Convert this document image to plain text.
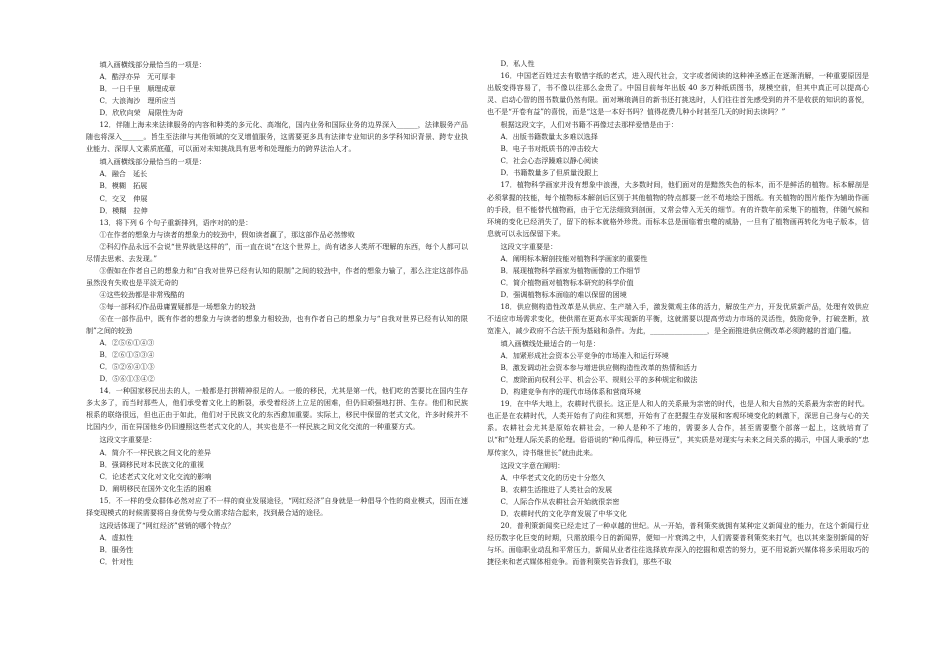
填入画横线部分最恰当的一项是：

A．酷浮亦异　无可厚非

B．一日千里　顺理成章

C．大浪淘沙　理所应当

D．欣欣向荣　局限性为奇

12．伴随上海未来法律服务的内容和种类的多元化、高端化，国内业务和国际业务的边界深入______，法律服务产品随也将深入______。旨生至法律与其他领域的交叉增值服务，这需要更多具有法律专业知识的多学科知识背景、跨专业执业能力、深厚人文素质底蕴，可以面对未知挑战具有思考和处理能力的跨界法治人才。

填入画横线部分最恰当的一项是：

A．融合　延长

B．模糊　拓展

C．交叉　伸展

D．模糊　拉伸

13．将下列 6 个句子重新排列，语序对的的是：

①在作者的想象力与读者的想象力的较劲中，假如读者赢了，那这部作品必然惨败

②科幻作品永远不会说“世界就是这样的”，而一直在说“在这个世界上，尚有诸多人类所不理解的东西，每个人都可以尽情去思索、去发现。”

③假如在作者自己的想象力和“自我对世界已经有认知的限制”之间的较劲中，作者的想象力输了，那么注定这部作品虽然没有失败也是平淡无奇的

④这些较劲都是非常残酷的

⑤每一部科幻作品毋庸置疑都是一场想象力的较劲

⑥在一部作品中，既有作者的想象力与读者的想象力相较劲，也有作者自己的想象力与“自我对世界已经有认知的限制”之间的较劲

A．②⑤⑥①④③

B．②⑥①⑤③④

C．⑤②⑥④①③

D．⑤⑥①③④②

14．一种国家移民出去的人，一般都是打拼精神很足的人。一般的移民，尤其是第一代，他们吃的苦要比在国内生存多太多了，而当时那些人，他们承受着文化上的断裂，承受着经济上立足的困难，但仍旧顽强地打拼、生存。他们和民族根系的联络很远，但也正由于如此，他们对于民族文化的东西愈加重要。实际上，移民中保留的老式文化，许多时候并不比国内少，而在异国他乡仍旧遵照这些老式文化的人，其实也是不一样民族之间文化交流的一种重要方式。

这段文字重要是：

A．简介不一样民族之间文化的差异

B．强调移民对本民族文化的重视

C．论述老式文化对文化交流的影响

D．阐明移民在国外文化生活的困难

15．不一样的受众群体必然对应了不一样的商业发展途径，“网红经济”自身就是一种倡导个性的商业模式，因而在速择变现模式的时候需要将自身优势与受众需求结合起来，找到最合适的途径。

这段话体现了“网红经济”营销的哪个特点？

A．虚拟性

B．服务性

C．针对性

D．私人性

16．中国老百姓过去有敬惜字纸的老式，进入现代社会，文字或者阅读的这种神圣感正在逐渐消解，一种重要原因是出版变得容易了，书不像以往那么金贵了。中国目前每年出版 40 多万种纸质图书，规模空前，但其中真正可以提高心灵、启动心智的图书数量仍然有限。面对琳琅满目的新书还打挑选时，人们往往首先感受到的并不是收获的知识的喜悦，也不是“开卷有益”的喜悦，而是“这是一本好书吗？值得花费几种小时甚至几天的时间去读吗？”

根据这段文字，人们对书籍不再像过去那样爱惜是由于：

A．出版书籍数量太多难以选择

B．电子书对纸质书的冲击较大

C．社会心态浮躁难以静心阅读

D．书籍数量多了但质量没跟上

17．植物科学画家并没有想象中浪漫，大多数时间，他们面对的是黯然失色的标本，而不是鲜活的植物。标本解剖是必须掌握的技能，每个植物标本解剖后区别于其他植物的特点都要一丝不苟地绘于图纸。有关植物的图片能作为辅助作画的手段，但不能替代植物画，由于它无法细致到剖面，又常会带入无关的细节。有的许数年前采集下的植物，伴随气候和环境的变化已经消失了，留下的标本就格外珍贵。而标本总是面临着虫噬的威胁，一旦有了植物画再转化为电子版本，信息就可以永远保留下来。

这段文字重要是：

A．阐明标本解剖技能对植物科学画家的重要性

B．展现植物科学画家为植物画像的工作细节

C．简介植物画对植物标本研究的科学价值

D．强调植物标本面临的难以保留的困境

18．供应侧构造性改革是从供应、生产端入手，激发微观主体的活力，解放生产力，开发优质新产品，处理有效供应不适应市场需求变化，使供需在更高水平实现新的平衡，这就需要以提高劳动力市场的灵活性，鼓励竞争，打破垄断，放宽准入，减少政府不合法干预为基础和条件。为此，________________，是全面推进供应侧改革必须跨越的首道门槛。

填入画横线处最适合的一句是：

A．加紧形成社会资本公平竞争的市场准入和运行环境

B．激发调动社会资本参与增进供应侧构造性改革的热情和活力

C．废除面向权利公平、机会公平、规则公平的多种规定和做法

D．构建竞争有序的现代市场体系和营商环境

19．在中华大地上，农耕时代很长。这正是人和人的关系最为亲密的时代，也是人和大自然的关系最为亲密的时代。也正是在农耕时代，人类开始有了向往和冥想，开始有了在把握生存发展和客观环境变化的刺激下，深思自己身与心的关系。农耕社会尤其是原始农耕社会，一种人是种不了地的，需要多人合作，甚至需要整个部落一起上，这就培育了以“和”处理人际关系的伦理。俗语说的“种瓜得瓜，种豆得豆”，其实质是对现实与未来之间关系的揭示，中国人秉承的“忠厚传家久，诗书继世长”就由此来。

这段文字意在阐明：

A．中华老式文化的历史十分悠久

B．农耕生活推进了人类社会的发展

C．人际合作从农耕社会开始就很亲密

D．农耕时代的文化孕育发展了中华文化

20．普利策新闻奖已经走过了一种卓越的世纪。从一开始，普利策奖就拥有某种定义新闻业的能力，在这个新闻行业经历数字化巨变的时期，只需放眼今日的新闻界，便知一片衰鸿之中，人们需要普利策奖来打气，也以其来鉴别新闻的好与坏。面临职业动乱和平常压力，新闻从业者往往选择放弃深入的挖掘和艰苦的努力，更不用说新兴媒体将多采用取巧的捷径来和老式媒体相竞争。而普利策奖告诉我们，那些不取
